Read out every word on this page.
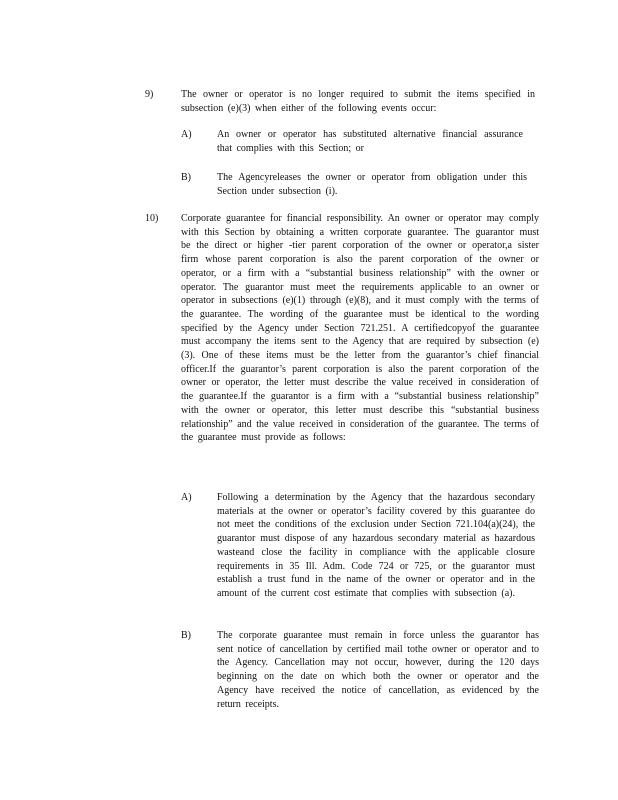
9)	The owner or operator is no longer required to submit the items specified in subsection (e)(3) when either of the following events occur:
A)	An owner or operator has substituted alternative financial assurance that complies with this Section; or
B)	The Agencyreleases the owner or operator from obligation under this Section under subsection (i).
10) Corporate guarantee for financial responsibility. An owner or operator may comply with this Section by obtaining a written corporate guarantee. The guarantor must be the direct or higher -tier parent corporation of the owner or operator,a sister firm whose parent corporation is also the parent corporation of the owner or operator, or a firm with a “substantial business relationship” with the owner or operator. The guarantor must meet the requirements applicable to an owner or operator in subsections (e)(1) through (e)(8), and it must comply with the terms of the guarantee. The wording of the guarantee must be identical to the wording specified by the Agency under Section 721.251. A certifiedcopyof the guarantee must accompany the items sent to the Agency that are required by subsection (e)(3). One of these items must be the letter from the guarantor’s chief financial officer.If the guarantor’s parent corporation is also the parent corporation of the owner or operator, the letter must describe the value received in consideration of the guarantee.If the guarantor is a firm with a “substantial business relationship” with the owner or operator, this letter must describe this “substantial business relationship” and the value received in consideration of the guarantee. The terms of the guarantee must provide as follows:
A)	Following a determination by the Agency that the hazardous secondary materials at the owner or operator’s facility covered by this guarantee do not meet the conditions of the exclusion under Section 721.104(a)(24), the guarantor must dispose of any hazardous secondary material as hazardous wasteand close the facility in compliance with the applicable closure requirements in 35 Ill. Adm. Code 724 or 725, or the guarantor must establish a trust fund in the name of the owner or operator and in the amount of the current cost estimate that complies with subsection (a).
B)	The corporate guarantee must remain in force unless the guarantor has sent notice of cancellation by certified mail tothe owner or operator and to the Agency. Cancellation may not occur, however, during the 120 days beginning on the date on which both the owner or operator and the Agency have received the notice of cancellation, as evidenced by the return receipts.
